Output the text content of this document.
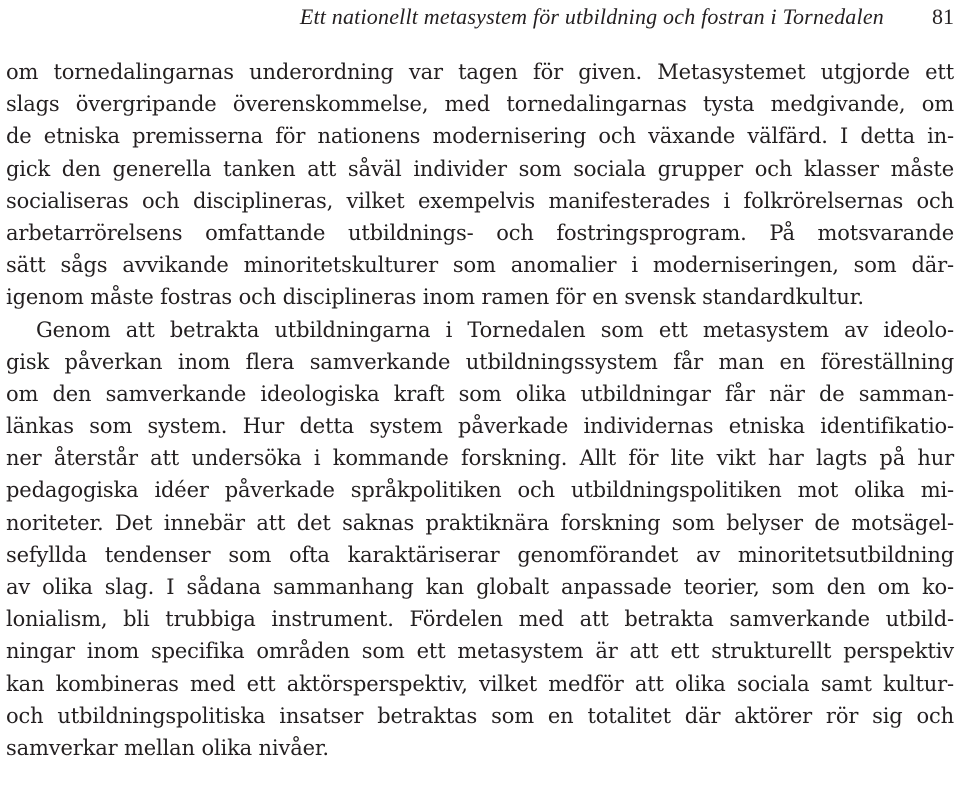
Ett nationellt metasystem för utbildning och fostran i Tornedalen 81
om tornedalingarnas underordning var tagen för given. Metasystemet utgjorde ett
slags övergripande överenskommelse, med tornedalingarnas tysta medgivande, om
de etniska premisserna för nationens modernisering och växande välfärd. I detta in-
gick den generella tanken att såväl individer som sociala grupper och klasser måste
socialiseras och disciplineras, vilket exempelvis manifesterades i folkrörelsernas och
arbetarrörelsens omfattande utbildnings- och fostringsprogram. På motsvarande
sätt sågs avvikande minoritetskulturer som anomalier i moderniseringen, som där-
igenom måste fostras och disciplineras inom ramen för en svensk standardkultur.
Genom att betrakta utbildningarna i Tornedalen som ett metasystem av ideolo-
gisk påverkan inom flera samverkande utbildningssystem får man en föreställning
om den samverkande ideologiska kraft som olika utbildningar får när de samman-
länkas som system. Hur detta system påverkade individernas etniska identifikatio-
ner återstår att undersöka i kommande forskning. Allt för lite vikt har lagts på hur
pedagogiska idéer påverkade språkpolitiken och utbildningspolitiken mot olika mi-
noriteter. Det innebär att det saknas praktiknära forskning som belyser de motsägel-
sefyllda tendenser som ofta karaktäriserar genomförandet av minoritetsutbildning
av olika slag. I sådana sammanhang kan globalt anpassade teorier, som den om ko-
lonialism, bli trubbiga instrument. Fördelen med att betrakta samverkande utbild-
ningar inom specifika områden som ett metasystem är att ett strukturellt perspektiv
kan kombineras med ett aktörsperspektiv, vilket medför att olika sociala samt kultur-
och utbildningspolitiska insatser betraktas som en totalitet där aktörer rör sig och
samverkar mellan olika nivåer.
